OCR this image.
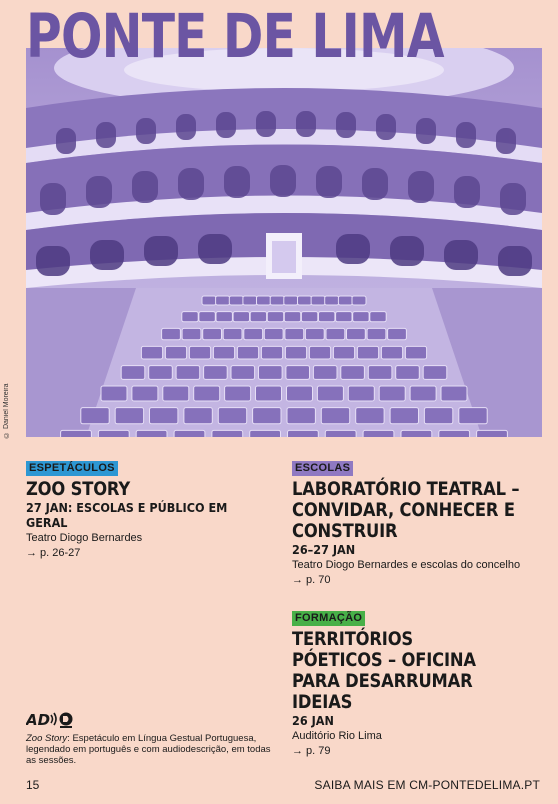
PONTE DE LIMA
© Daniel Moreira
ESPETÁCULOS
ZOO STORY
27 JAN: ESCOLAS E PÚBLICO EM GERAL
Teatro Diogo Bernardes
→ p. 26-27
ESCOLAS
LABORATÓRIO TEATRAL – CONVIDAR, CONHECER E CONSTRUIR
26–27 JAN
Teatro Diogo Bernardes e escolas do concelho
→ p. 70
FORMAÇÃO
TERRITÓRIOS PÓETICOS – OFICINA PARA DESARRUMAR IDEIAS
26 JAN
Auditório Rio Lima
→ p. 79
AD
Zoo Story: Espetáculo em Língua Gestual Portuguesa, legendado em português e com audiodescrição, em todas as sessões.
15	SAIBA MAIS EM CM-PONTEDELIMA.PT
